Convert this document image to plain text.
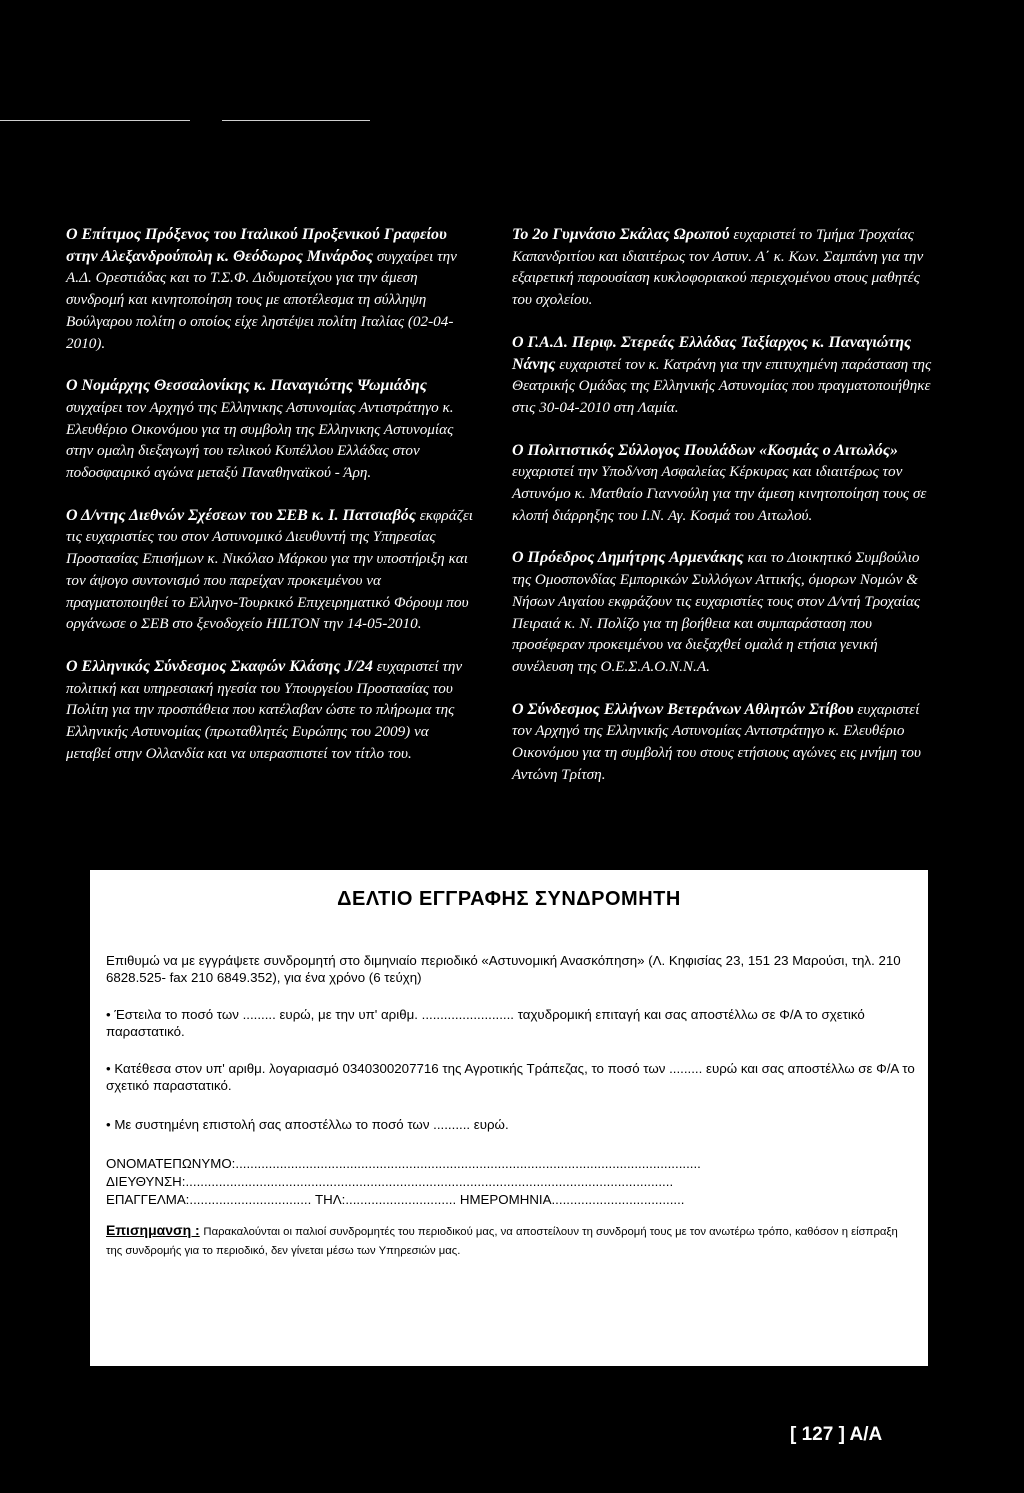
Ο Επίτιμος Πρόξενος του Ιταλικού Προξενικού Γραφείου στην Αλεξανδρούπολη κ. Θεόδωρος Μινάρδος συγχαίρει την Α.Δ. Ορεστιάδας και το Τ.Σ.Φ. Διδυμοτείχου για την άμεση συνδρομή και κινητοποίηση τους με αποτέλεσμα τη σύλληψη Βούλγαρου πολίτη ο οποίος είχε ληστέψει πολίτη Ιταλίας (02-04-2010).

Ο Νομάρχης Θεσσαλονίκης κ. Παναγιώτης Ψωμιάδης συγχαίρει τον Αρχηγό της Ελληνικης Αστυνομίας Αντιστράτηγο κ. Ελευθέριο Οικονόμου για τη συμβολη της Ελληνικης Αστυνομίας στην ομαλη διεξαγωγή του τελικού Κυπέλλου Ελλάδας στον ποδοσφαιρικό αγώνα μεταξύ Παναθηναϊκού - Άρη.

Ο Δ/ντης Διεθνών Σχέσεων του ΣΕΒ κ. Ι. Πατσιαβός εκφράζει τις ευχαριστίες του στον Αστυνομικό Διευθυντή της Υπηρεσίας Προστασίας Επισήμων κ. Νικόλαο Μάρκου για την υποστήριξη και τον άψογο συντονισμό που παρείχαν προκειμένου να πραγματοποιηθεί το Ελληνο-Τουρκικό Επιχειρηματικό Φόρουμ που οργάνωσε ο ΣΕΒ στο ξενοδοχείο HILTON την 14-05-2010.

Ο Ελληνικός Σύνδεσμος Σκαφών Κλάσης J/24 ευχαριστεί την πολιτική και υπηρεσιακή ηγεσία του Υπουργείου Προστασίας του Πολίτη για την προσπάθεια που κατέλαβαν ώστε το πλήρωμα της Ελληνικής Αστυνομίας (πρωταθλητές Ευρώπης του 2009) να μεταβεί στην Ολλανδία και να υπερασπιστεί τον τίτλο του.

Το 2ο Γυμνάσιο Σκάλας Ωρωπού ευχαριστεί το Τμήμα Τροχαίας Καπανδριτίου και ιδιαιτέρως τον Αστυν. Α΄ κ. Κων. Σαμπάνη για την εξαιρετική παρουσίαση κυκλοφοριακού περιεχομένου στους μαθητές του σχολείου.

Ο Γ.Α.Δ. Περιφ. Στερεάς Ελλάδας Ταξίαρχος κ. Παναγιώτης Νάνης ευχαριστεί τον κ. Κατράνη για την επιτυχημένη παράσταση της Θεατρικής Ομάδας της Ελληνικής Αστυνομίας που πραγματοποιήθηκε στις 30-04-2010 στη Λαμία.

Ο Πολιτιστικός Σύλλογος Πουλάδων «Κοσμάς ο Αιτωλός» ευχαριστεί την Υποδ/νση Ασφαλείας Κέρκυρας και ιδιαιτέρως τον Αστυνόμο κ. Ματθαίο Γιαννούλη για την άμεση κινητοποίηση τους σε κλοπή διάρρηξης του Ι.Ν. Αγ. Κοσμά του Αιτωλού.

Ο Πρόεδρος Δημήτρης Αρμενάκης και το Διοικητικό Συμβούλιο της Ομοσπονδίας Εμπορικών Συλλόγων Αττικής, όμορων Νομών & Νήσων Αιγαίου εκφράζουν τις ευχαριστίες τους στον Δ/ντή Τροχαίας Πειραιά κ. Ν. Πολίζο για τη βοήθεια και συμπαράσταση που προσέφεραν προκειμένου να διεξαχθεί ομαλά η ετήσια γενική συνέλευση της Ο.Ε.Σ.Α.Ο.Ν.Ν.Α.

Ο Σύνδεσμος Ελλήνων Βετεράνων Αθλητών Στίβου ευχαριστεί τον Αρχηγό της Ελληνικής Αστυνομίας Αντιστράτηγο κ. Ελευθέριο Οικονόμου για τη συμβολή του στους ετήσιους αγώνες εις μνήμη του Αντώνη Τρίτση.

ΔΕΛΤΙΟ ΕΓΓΡΑΦΗΣ ΣΥΝΔΡΟΜΗΤΗ
Επιθυμώ να με εγγράψετε συνδρομητή στο διμηνιαίο περιοδικό «Αστυνομική Ανασκόπηση» (Λ. Κηφισίας 23, 151 23 Μαρούσι, τηλ. 210 6828.525- fax 210 6849.352), για ένα χρόνο (6 τεύχη)
• Έστειλα το ποσό των ......... ευρώ, με την υπ' αριθμ. ......................... ταχυδρομική επιταγή και σας αποστέλλω σε Φ/Α το σχετικό παραστατικό.
• Κατέθεσα στον υπ' αριθμ. λογαριασμό 0340300207716 της Αγροτικής Τράπεζας, το ποσό των ......... ευρώ και σας αποστέλλω σε Φ/Α το σχετικό παραστατικό.
• Με συστημένη επιστολή σας αποστέλλω το ποσό των .......... ευρώ.
ΟΝΟΜΑΤΕΠΩΝΥΜΟ:..............................................................................................................................
ΔΙΕΥΘΥΝΣΗ:....................................................................................................................................
ΕΠΑΓΓΕΛΜΑ:................................. ΤΗΛ:.............................. ΗΜΕΡΟΜΗΝΙΑ....................................
Επισημανση : Παρακαλούνται οι παλιοί συνδρομητές του περιοδικού μας, να αποστείλουν τη συνδρομή τους με τον ανωτέρω τρόπο, καθόσον η είσπραξη της συνδρομής για το περιοδικό, δεν γίνεται μέσω των Υπηρεσιών μας.
[ 127 ] Α/Α
